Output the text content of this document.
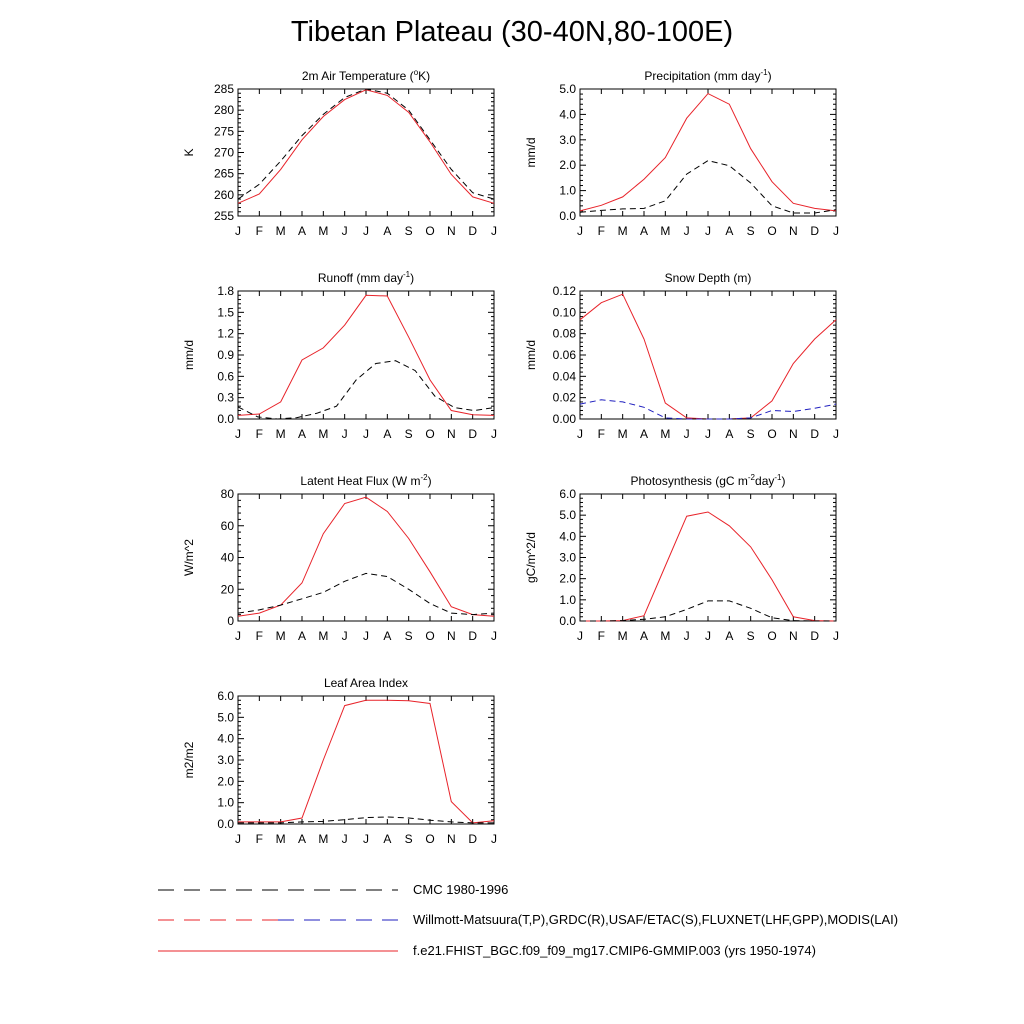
Tibetan Plateau (30-40N,80-100E)
J F M A M J J A S O N D J
255
260
265
270
275
280
285
2m Air Temperature ($^o$K)
K
J F M A M J J A S O N D J
0.0
1.0
2.0
3.0
4.0
5.0
Precipitation (mm day$^{-1}$)
mm/d
J F M A M J J A S O N D J
0.0
0.3
0.6
0.9
1.2
1.5
1.8
Runoff (mm day$^{-1}$)
mm/d
J F M A M J J A S O N D J
0.00
0.02
0.04
0.06
0.08
0.10
0.12
Snow Depth (m)
mm/d
J F M A M J J A S O N D J
0
20
40
60
80
Latent Heat Flux (W $m^{-2}$)
W/m^2
J F M A M J J A S O N D J
0.0
1.0
2.0
3.0
4.0
5.0
6.0
Photosynthesis (gC $m^{-2}day^{-1}$)
gC/m^2/d
J F M A M J J A S O N D J
0.0
1.0
2.0
3.0
4.0
5.0
6.0
Leaf Area Index
m2/m2
CMC 1980-1996
Willmott-Matsuura(T,P),GRDC(R),USAF/ETAC(S),FLUXNET(LHF,GPP),MODIS(LAI)
f.e21.FHIST_BGC.f09_f09_mg17.CMIP6-GMMIP.003 (yrs 1950-1974)
